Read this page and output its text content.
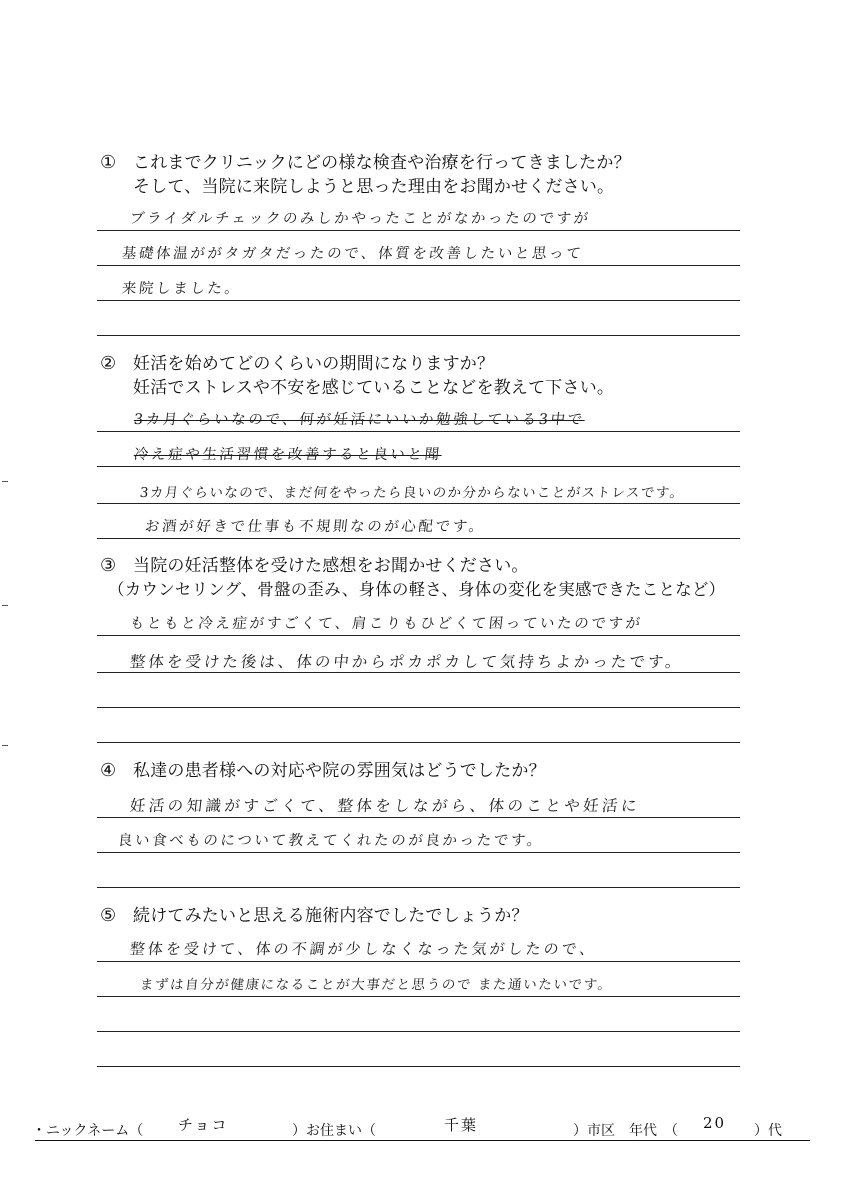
① これまでクリニックにどの様な検査や治療を行ってきましたか？
そして、当院に来院しようと思った理由をお聞かせください。
ブライダルチェックのみしかやったことがなかったのですが
基礎体温ががタガタだったので、体質を改善したいと思って
来院しました。
② 妊活を始めてどのくらいの期間になりますか？
妊活でストレスや不安を感じていることなどを教えて下さい。
3カ月ぐらいなので、何が妊活にいいか勉強している3中で
冷え症や生活習慣を改善すると良いと聞
3カ月ぐらいなので、まだ何をやったら良いのか分からないことがストレスです。
お酒が好きで仕事も不規則なのが心配です。
③ 当院の妊活整体を受けた感想をお聞かせください。
（カウンセリング、骨盤の歪み、身体の軽さ、身体の変化を実感できたことなど）
もともと冷え症がすごくて、肩こりもひどくて困っていたのですが
整体を受けた後は、体の中からポカポカして気持ちよかったです。
④ 私達の患者様への対応や院の雰囲気はどうでしたか？
妊活の知識がすごくて、整体をしながら、体のことや妊活に
良い食べものについて教えてくれたのが良かったです。
⑤ 続けてみたいと思える施術内容でしたでしょうか？
整体を受けて、体の不調が少しなくなった気がしたので、
まずは自分が健康になることが大事だと思うので また通いたいです。
・ニックネーム（ チョコ	）お住まい（	千葉	）市区　年代　（ 20 ）代
